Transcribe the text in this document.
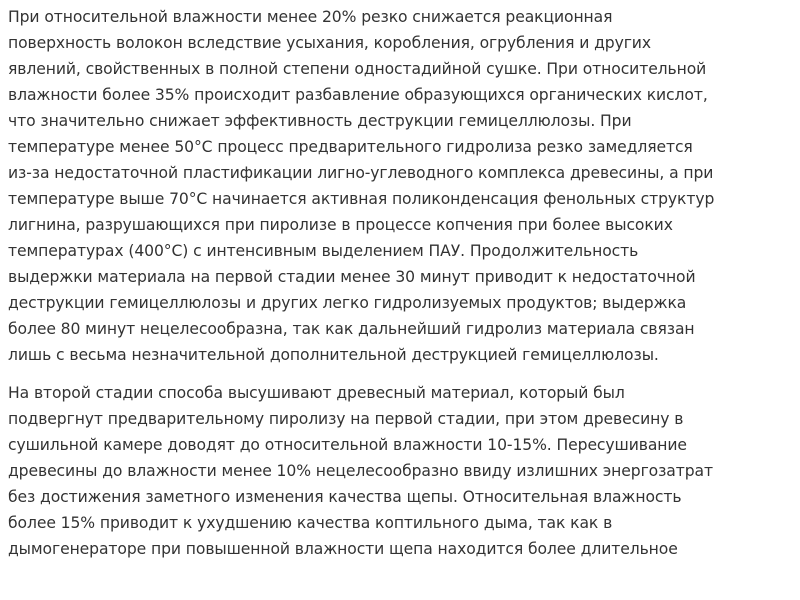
При относительной влажности менее 20% резко снижается реакционная
поверхность волокон вследствие усыхания, коробления, огрубления и других
явлений, свойственных в полной степени одностадийной сушке. При относительной
влажности более 35% происходит разбавление образующихся органических кислот,
что значительно снижает эффективность деструкции гемицеллюлозы. При
температуре менее 50°С процесс предварительного гидролиза резко замедляется
из-за недостаточной пластификации лигно-углеводного комплекса древесины, а при
температуре выше 70°С начинается активная поликонденсация фенольных структур
лигнина, разрушающихся при пиролизе в процессе копчения при более высоких
температурах (400°С) с интенсивным выделением ПАУ. Продолжительность
выдержки материала на первой стадии менее 30 минут приводит к недостаточной
деструкции гемицеллюлозы и других легко гидролизуемых продуктов; выдержка
более 80 минут нецелесообразна, так как дальнейший гидролиз материала связан
лишь с весьма незначительной дополнительной деструкцией гемицеллюлозы.
На второй стадии способа высушивают древесный материал, который был
подвергнут предварительному пиролизу на первой стадии, при этом древесину в
сушильной камере доводят до относительной влажности 10-15%. Пересушивание
древесины до влажности менее 10% нецелесообразно ввиду излишних энергозатрат
без достижения заметного изменения качества щепы. Относительная влажность
более 15% приводит к ухудшению качества коптильного дыма, так как в
дымогенераторе при повышенной влажности щепа находится более длительное
